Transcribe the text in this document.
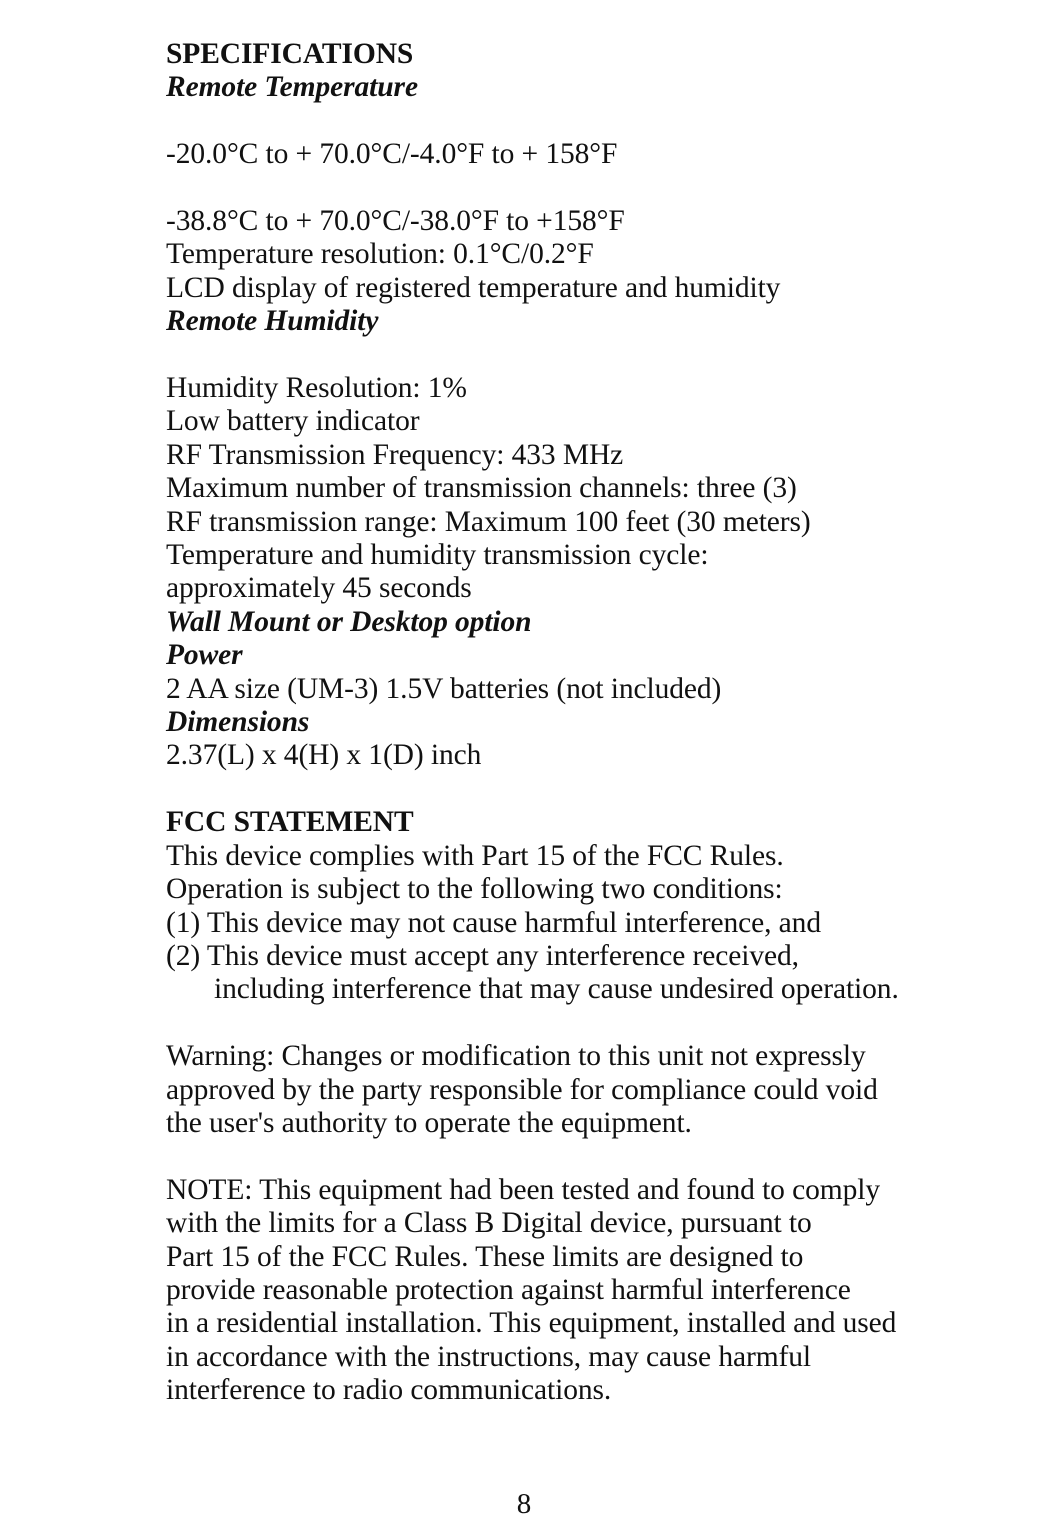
SPECIFICATIONS
Remote Temperature
-20.0°C to + 70.0°C/-4.0°F to + 158°F
-38.8°C to + 70.0°C/-38.0°F to +158°F
Temperature resolution: 0.1°C/0.2°F
LCD display of registered temperature and humidity
Remote Humidity
Humidity Resolution: 1%
Low battery indicator
RF Transmission Frequency: 433 MHz
Maximum number of transmission channels: three (3)
RF transmission range: Maximum 100 feet (30 meters)
Temperature and humidity transmission cycle:
approximately 45 seconds
Wall Mount or Desktop option
Power
2 AA size (UM-3) 1.5V batteries (not included)
Dimensions
2.37(L) x 4(H) x 1(D) inch
FCC STATEMENT
This device complies with Part 15 of the FCC Rules.
Operation is subject to the following two conditions:
(1) This device may not cause harmful interference, and
(2) This device must accept any interference received,
including interference that may cause undesired operation.
Warning: Changes or modification to this unit not expressly
approved by the party responsible for compliance could void
the user's authority to operate the equipment.
NOTE: This equipment had been tested and found to comply
with the limits for a Class B Digital device, pursuant to
Part 15 of the FCC Rules. These limits are designed to
provide reasonable protection against harmful interference
in a residential installation. This equipment, installed and used
in accordance with the instructions, may cause harmful
interference to radio communications.
8
